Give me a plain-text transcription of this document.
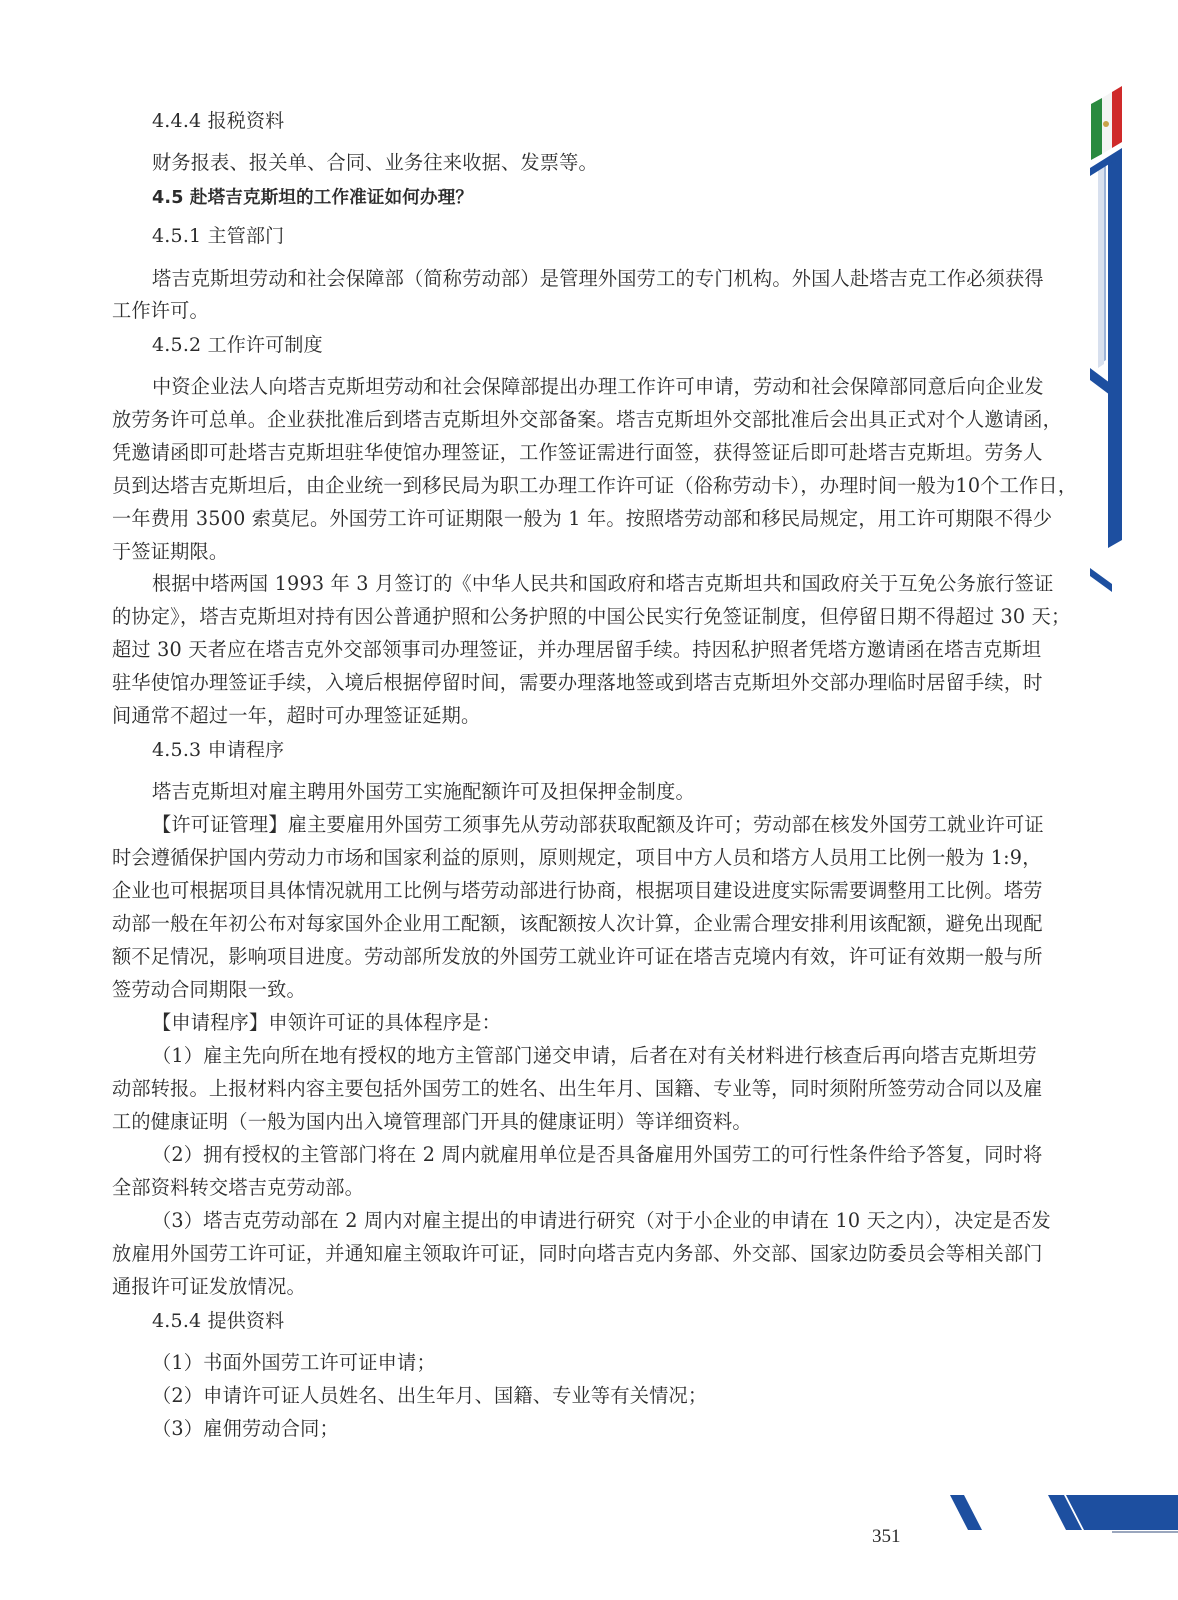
4.4.4 报税资料

财务报表、报关单、合同、业务往来收据、发票等。

4.5 赴塔吉克斯坦的工作准证如何办理？

4.5.1 主管部门

塔吉克斯坦劳动和社会保障部（简称劳动部）是管理外国劳工的专门机构。外国人赴塔吉克工作必须获得

工作许可。

4.5.2 工作许可制度

中资企业法人向塔吉克斯坦劳动和社会保障部提出办理工作许可申请，劳动和社会保障部同意后向企业发

放劳务许可总单。企业获批准后到塔吉克斯坦外交部备案。塔吉克斯坦外交部批准后会出具正式对个人邀请函，

凭邀请函即可赴塔吉克斯坦驻华使馆办理签证，工作签证需进行面签，获得签证后即可赴塔吉克斯坦。劳务人

员到达塔吉克斯坦后，由企业统一到移民局为职工办理工作许可证（俗称劳动卡），办理时间一般为10个工作日，

一年费用 3500 索莫尼。外国劳工许可证期限一般为 1 年。按照塔劳动部和移民局规定，用工许可期限不得少

于签证期限。

根据中塔两国 1993 年 3 月签订的《中华人民共和国政府和塔吉克斯坦共和国政府关于互免公务旅行签证

的协定》，塔吉克斯坦对持有因公普通护照和公务护照的中国公民实行免签证制度，但停留日期不得超过 30 天；

超过 30 天者应在塔吉克外交部领事司办理签证，并办理居留手续。持因私护照者凭塔方邀请函在塔吉克斯坦

驻华使馆办理签证手续，入境后根据停留时间，需要办理落地签或到塔吉克斯坦外交部办理临时居留手续，时

间通常不超过一年，超时可办理签证延期。

4.5.3 申请程序

塔吉克斯坦对雇主聘用外国劳工实施配额许可及担保押金制度。

【许可证管理】雇主要雇用外国劳工须事先从劳动部获取配额及许可；劳动部在核发外国劳工就业许可证

时会遵循保护国内劳动力市场和国家利益的原则，原则规定，项目中方人员和塔方人员用工比例一般为 1:9，

企业也可根据项目具体情况就用工比例与塔劳动部进行协商，根据项目建设进度实际需要调整用工比例。塔劳

动部一般在年初公布对每家国外企业用工配额，该配额按人次计算，企业需合理安排利用该配额，避免出现配

额不足情况，影响项目进度。劳动部所发放的外国劳工就业许可证在塔吉克境内有效，许可证有效期一般与所

签劳动合同期限一致。

【申请程序】申领许可证的具体程序是：

（1）雇主先向所在地有授权的地方主管部门递交申请，后者在对有关材料进行核查后再向塔吉克斯坦劳

动部转报。上报材料内容主要包括外国劳工的姓名、出生年月、国籍、专业等，同时须附所签劳动合同以及雇

工的健康证明（一般为国内出入境管理部门开具的健康证明）等详细资料。

（2）拥有授权的主管部门将在 2 周内就雇用单位是否具备雇用外国劳工的可行性条件给予答复，同时将

全部资料转交塔吉克劳动部。

（3）塔吉克劳动部在 2 周内对雇主提出的申请进行研究（对于小企业的申请在 10 天之内），决定是否发

放雇用外国劳工许可证，并通知雇主领取许可证，同时向塔吉克内务部、外交部、国家边防委员会等相关部门

通报许可证发放情况。

4.5.4 提供资料

（1）书面外国劳工许可证申请；

（2）申请许可证人员姓名、出生年月、国籍、专业等有关情况；

（3）雇佣劳动合同；

351
